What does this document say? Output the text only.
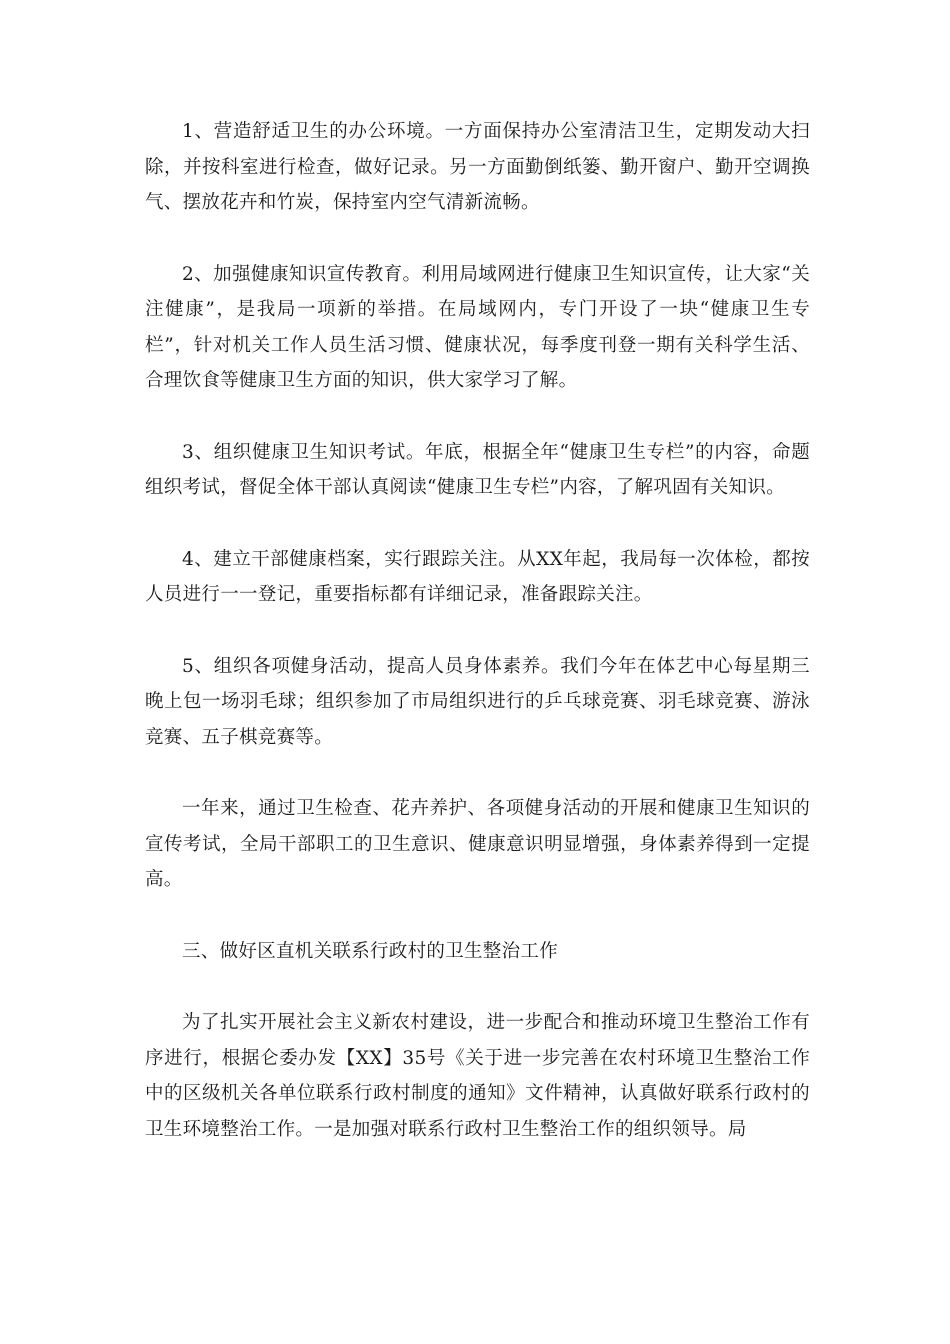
1、营造舒适卫生的办公环境。一方面保持办公室清洁卫生，定期发动大扫除，并按科室进行检查，做好记录。另一方面勤倒纸篓、勤开窗户、勤开空调换气、摆放花卉和竹炭，保持室内空气清新流畅。

2、加强健康知识宣传教育。利用局域网进行健康卫生知识宣传，让大家“关注健康”，是我局一项新的举措。在局域网内，专门开设了一块“健康卫生专栏”，针对机关工作人员生活习惯、健康状况，每季度刊登一期有关科学生活、合理饮食等健康卫生方面的知识，供大家学习了解。

3、组织健康卫生知识考试。年底，根据全年“健康卫生专栏”的内容，命题组织考试，督促全体干部认真阅读“健康卫生专栏”内容，了解巩固有关知识。

4、建立干部健康档案，实行跟踪关注。从XX年起，我局每一次体检，都按人员进行一一登记，重要指标都有详细记录，准备跟踪关注。

5、组织各项健身活动，提高人员身体素养。我们今年在体艺中心每星期三晚上包一场羽毛球；组织参加了市局组织进行的乒乓球竞赛、羽毛球竞赛、游泳竞赛、五子棋竞赛等。

一年来，通过卫生检查、花卉养护、各项健身活动的开展和健康卫生知识的宣传考试，全局干部职工的卫生意识、健康意识明显增强，身体素养得到一定提高。

三、做好区直机关联系行政村的卫生整治工作

为了扎实开展社会主义新农村建设，进一步配合和推动环境卫生整治工作有序进行，根据仑委办发【XX】35号《关于进一步完善在农村环境卫生整治工作中的区级机关各单位联系行政村制度的通知》文件精神，认真做好联系行政村的卫生环境整治工作。一是加强对联系行政村卫生整治工作的组织领导。局
